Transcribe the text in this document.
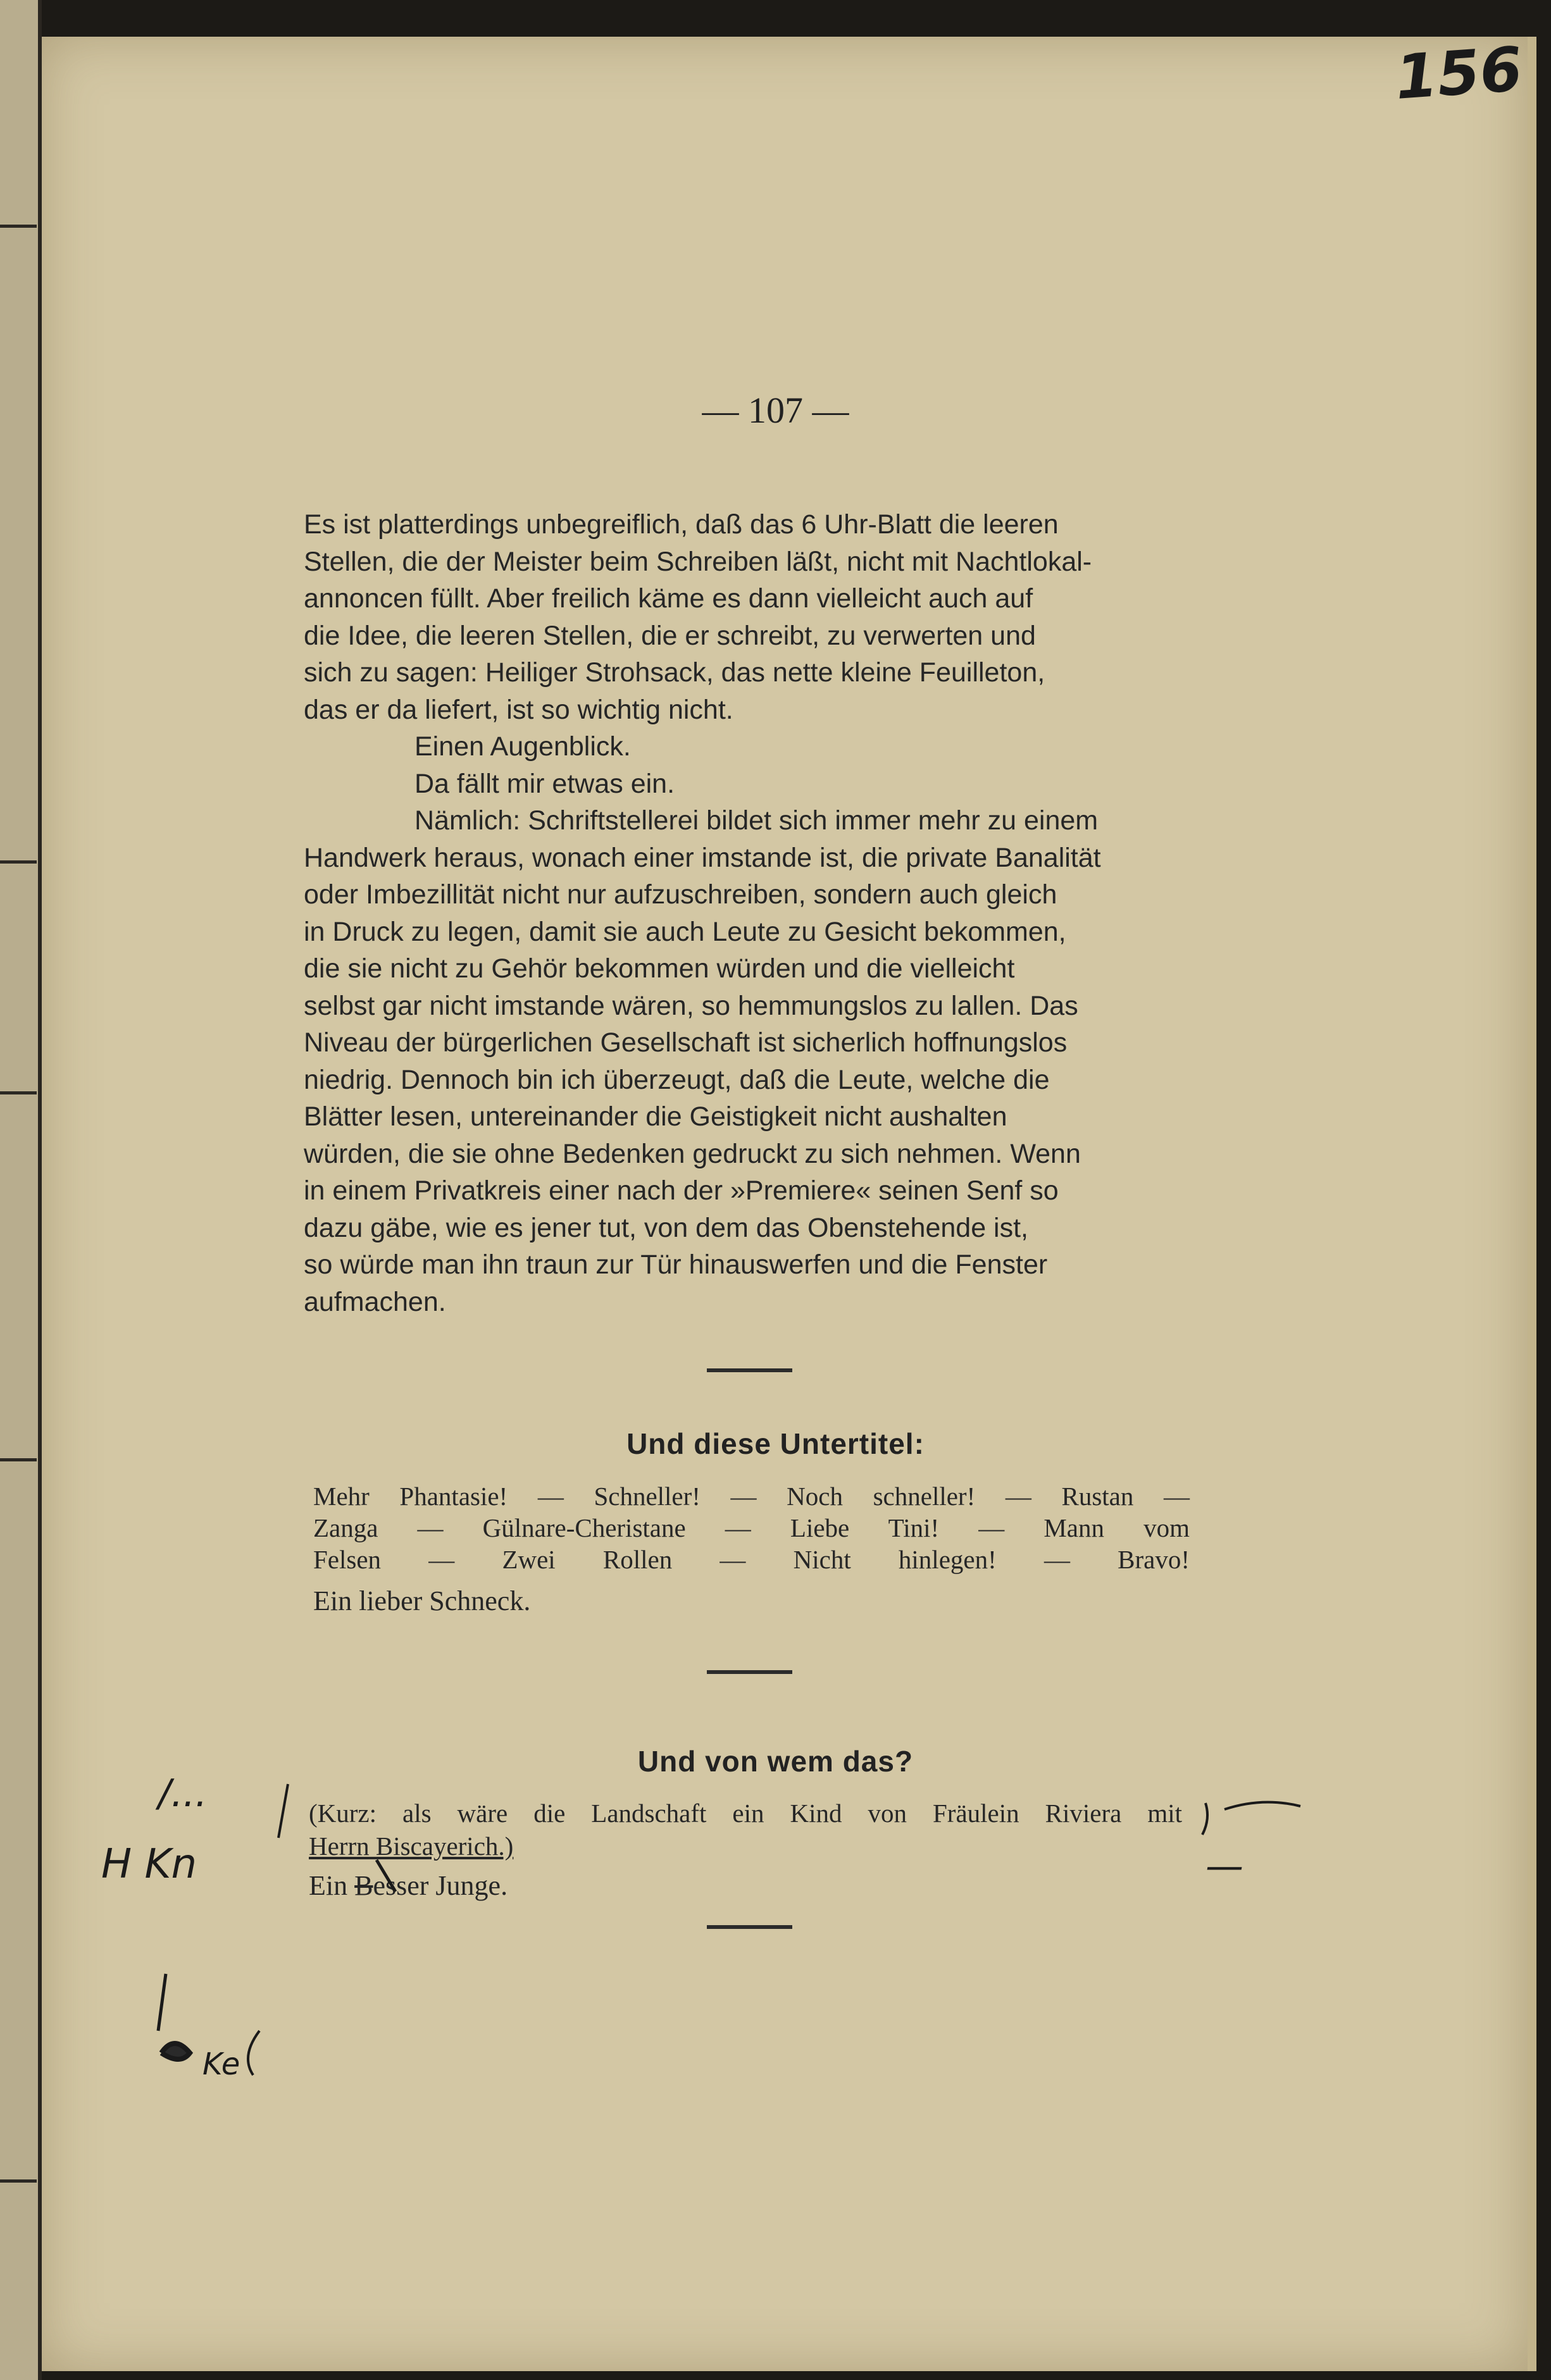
156
— 107 —
Es ist platterdings unbegreiflich, daß das 6 Uhr-Blatt die leeren
Stellen, die der Meister beim Schreiben läßt, nicht mit Nachtlokal-
annoncen füllt. Aber freilich käme es dann vielleicht auch auf
die Idee, die leeren Stellen, die er schreibt, zu verwerten und
sich zu sagen: Heiliger Strohsack, das nette kleine Feuilleton,
das er da liefert, ist so wichtig nicht.
Einen Augenblick.
Da fällt mir etwas ein.
Nämlich: Schriftstellerei bildet sich immer mehr zu einem
Handwerk heraus, wonach einer imstande ist, die private Banalität
oder Imbezillität nicht nur aufzuschreiben, sondern auch gleich
in Druck zu legen, damit sie auch Leute zu Gesicht bekommen,
die sie nicht zu Gehör bekommen würden und die vielleicht
selbst gar nicht imstande wären, so hemmungslos zu lallen. Das
Niveau der bürgerlichen Gesellschaft ist sicherlich hoffnungslos
niedrig. Dennoch bin ich überzeugt, daß die Leute, welche die
Blätter lesen, untereinander die Geistigkeit nicht aushalten
würden, die sie ohne Bedenken gedruckt zu sich nehmen. Wenn
in einem Privatkreis einer nach der »Premiere« seinen Senf so
dazu gäbe, wie es jener tut, von dem das Obenstehende ist,
so würde man ihn traun zur Tür hinauswerfen und die Fenster
aufmachen.
Und diese Untertitel:
Mehr Phantasie! — Schneller! — Noch schneller! — Rustan —
Zanga — Gülnare-Cheristane — Liebe Tini! — Mann vom
Felsen — Zwei Rollen — Nicht hinlegen! — Bravo!
Ein lieber Schneck.
Und von wem das?
(Kurz: als wäre die Landschaft ein Kind von Fräulein Riviera mit
Herrn Biscayerich.)
Ein Besser Junge.
/...
H Kn
Ke
—
